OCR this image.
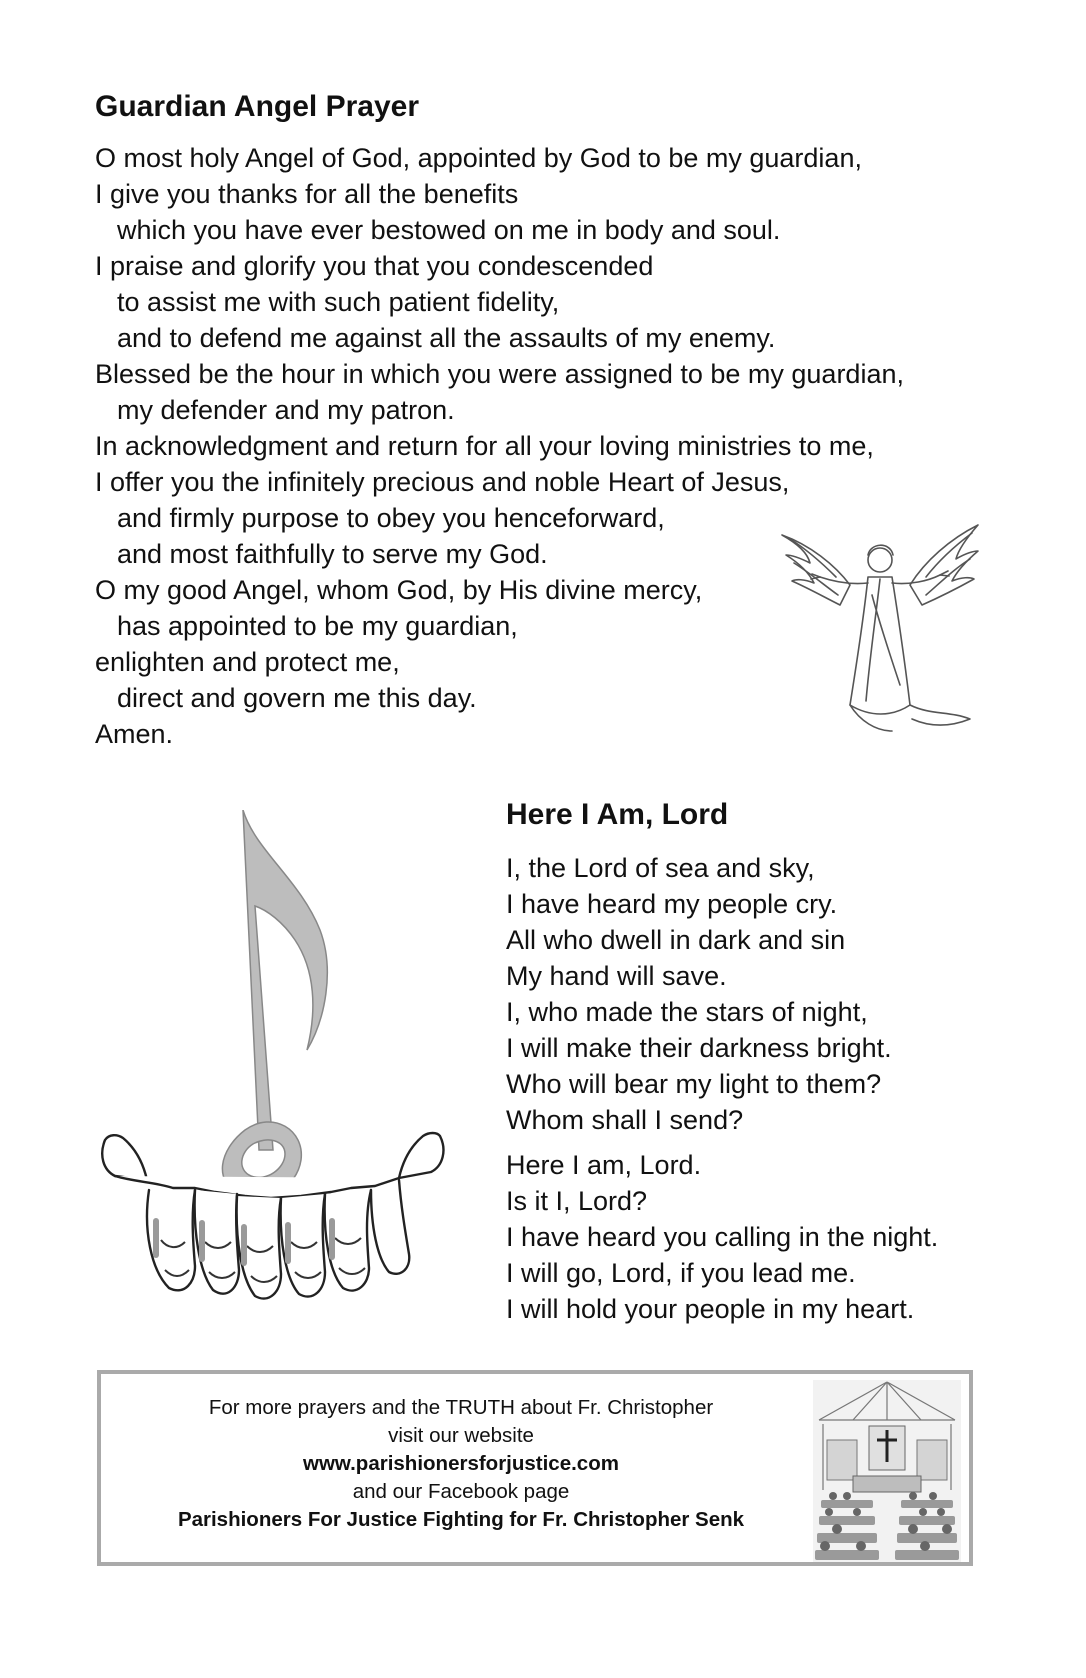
Guardian Angel Prayer
O most holy Angel of God, appointed by God to be my guardian,
I give you thanks for all the benefits
which you have ever bestowed on me in body and soul.
I praise and glorify you that you condescended
to assist me with such patient fidelity,
and to defend me against all the assaults of my enemy.
Blessed be the hour in which you were assigned to be my guardian,
my defender and my patron.
In acknowledgment and return for all your loving ministries to me,
I offer you the infinitely precious and noble Heart of Jesus,
and firmly purpose to obey you henceforward,
and most faithfully to serve my God.
O my good Angel, whom God, by His divine mercy,
has appointed to be my guardian,
enlighten and protect me,
direct and govern me this day.
Amen.
Here I Am, Lord
I, the Lord of sea and sky,
I have heard my people cry.
All who dwell in dark and sin
My hand will save.
I, who made the stars of night,
I will make their darkness bright.
Who will bear my light to them?
Whom shall I send?
Here I am, Lord.
Is it I, Lord?
I have heard you calling in the night.
I will go, Lord, if you lead me.
I will hold your people in my heart.
For more prayers and the TRUTH about Fr. Christopher
visit our website
www.parishionersforjustice.com
and our Facebook page
Parishioners For Justice Fighting for Fr. Christopher Senk
